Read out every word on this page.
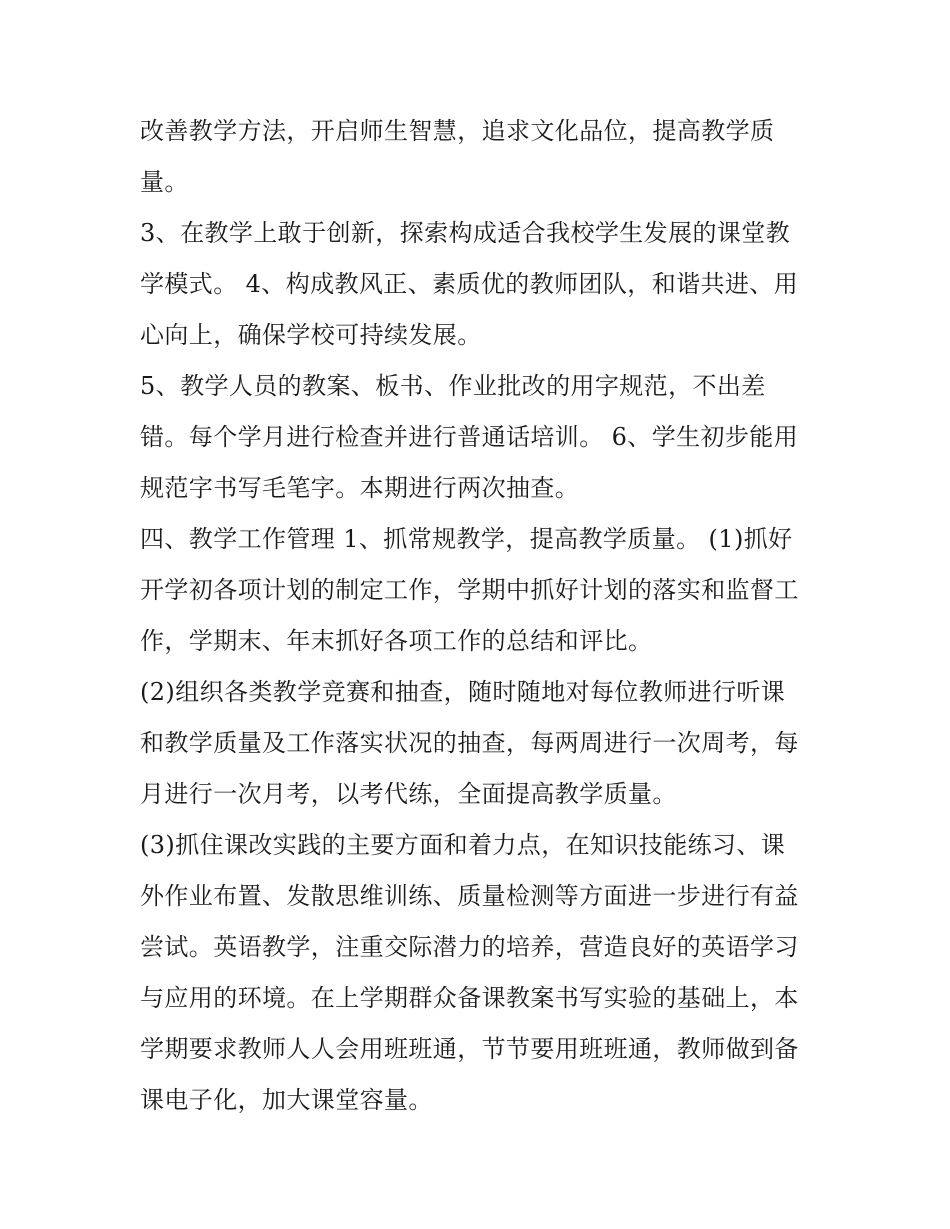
改善教学方法，开启师生智慧，追求文化品位，提高教学质
量。
3、在教学上敢于创新，探索构成适合我校学生发展的课堂教
学模式。 4、构成教风正、素质优的教师团队，和谐共进、用
心向上，确保学校可持续发展。
5、教学人员的教案、板书、作业批改的用字规范，不出差
错。每个学月进行检查并进行普通话培训。 6、学生初步能用
规范字书写毛笔字。本期进行两次抽查。
四、教学工作管理 1、抓常规教学，提高教学质量。 (1)抓好
开学初各项计划的制定工作，学期中抓好计划的落实和监督工
作，学期末、年末抓好各项工作的总结和评比。
(2)组织各类教学竞赛和抽查，随时随地对每位教师进行听课
和教学质量及工作落实状况的抽查，每两周进行一次周考，每
月进行一次月考，以考代练，全面提高教学质量。
(3)抓住课改实践的主要方面和着力点，在知识技能练习、课
外作业布置、发散思维训练、质量检测等方面进一步进行有益
尝试。英语教学，注重交际潜力的培养，营造良好的英语学习
与应用的环境。在上学期群众备课教案书写实验的基础上，本
学期要求教师人人会用班班通，节节要用班班通，教师做到备
课电子化，加大课堂容量。
